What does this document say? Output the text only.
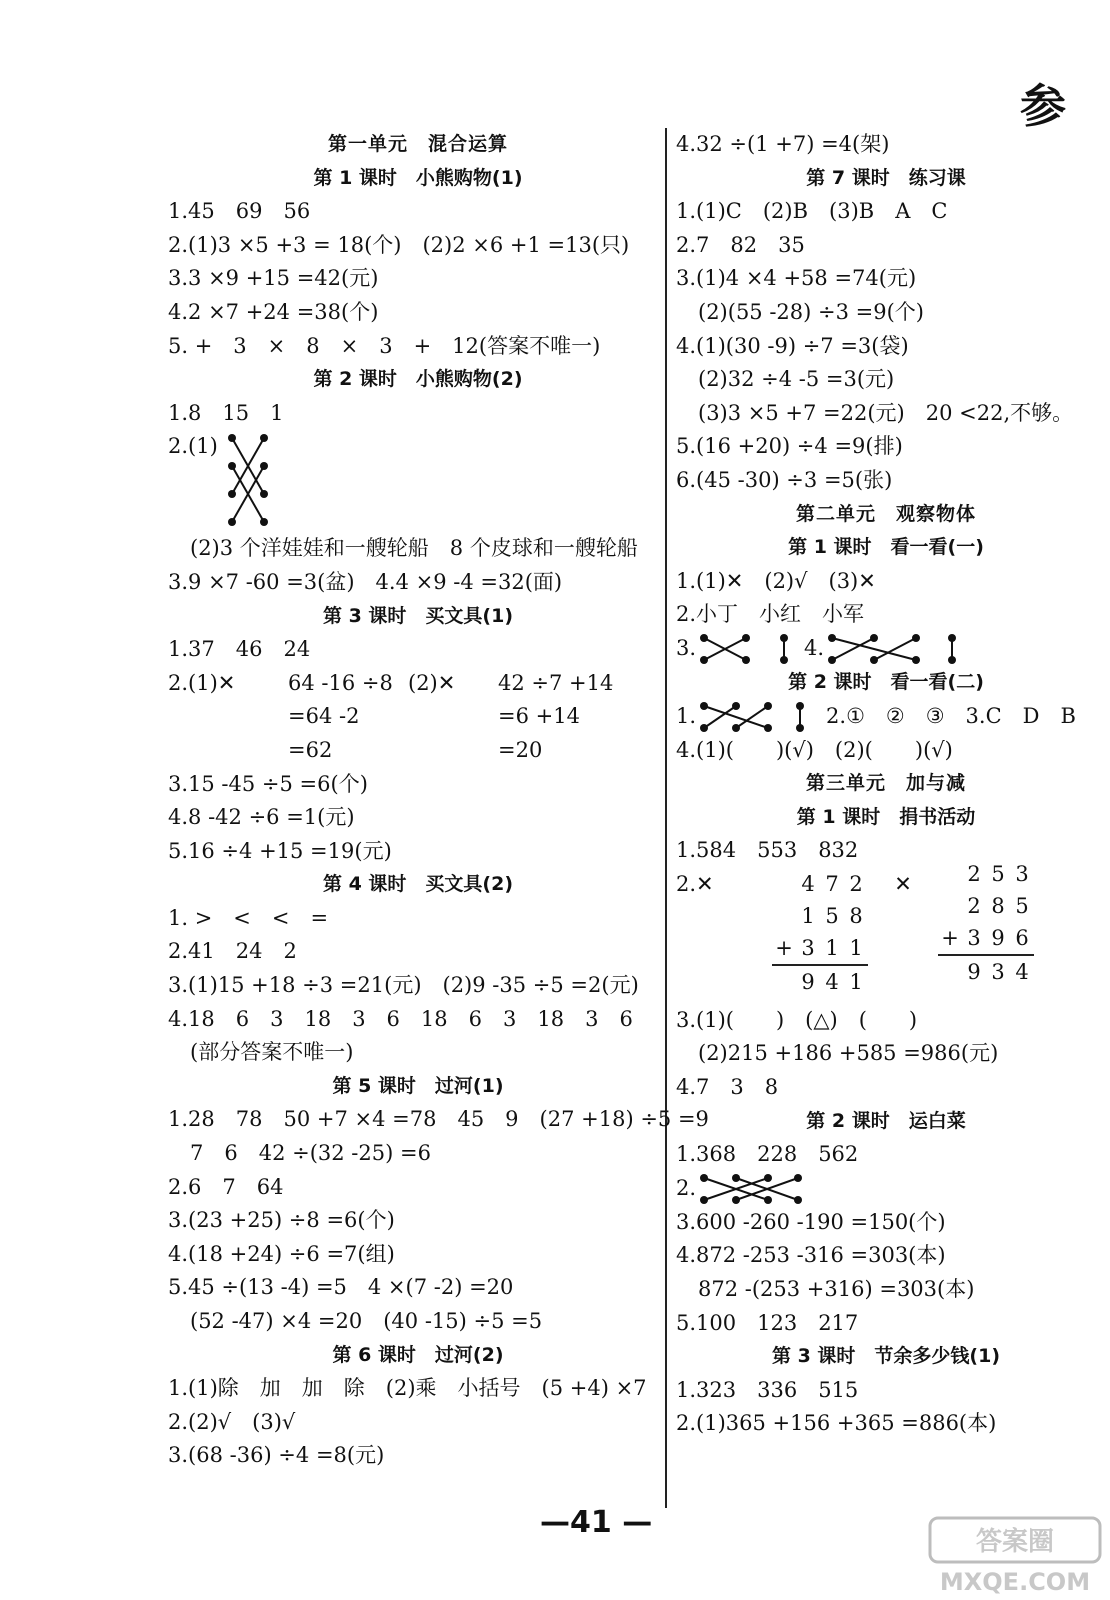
参
第一单元　混合运算
第 1 课时　小熊购物(1)
1.45　69　56
2.(1)3 ×5 +3 = 18(个)　(2)2 ×6 +1 =13(只)
3.3 ×9 +15 =42(元)
4.2 ×7 +24 =38(个)
5. +　3　×　8　×　3　+　12(答案不唯一)
第 2 课时　小熊购物(2)
1.8　15　1
2.(1)
(2)3 个洋娃娃和一艘轮船　8 个皮球和一艘轮船
3.9 ×7 -60 =3(盆)　4.4 ×9 -4 =32(面)
第 3 课时　买文具(1)
1.37　46　24
2.(1)✕	64 -16 ÷8
=64 -2
=62
(2)✕	42 ÷7 +14
=6 +14
=20
3.15 -45 ÷5 =6(个)
4.8 -42 ÷6 =1(元)
5.16 ÷4 +15 =19(元)
第 4 课时　买文具(2)
1. >　<　<　=
2.41　24　2
3.(1)15 +18 ÷3 =21(元)　(2)9 -35 ÷5 =2(元)
4.18　6　3　18　3　6　18　6　3　18　3　6
(部分答案不唯一)
第 5 课时　过河(1)
1.28　78　50 +7 ×4 =78　45　9　(27 +18) ÷5 =9
7　6　42 ÷(32 -25) =6
2.6　7　64
3.(23 +25) ÷8 =6(个)
4.(18 +24) ÷6 =7(组)
5.45 ÷(13 -4) =5　4 ×(7 -2) =20
(52 -47) ×4 =20　(40 -15) ÷5 =5
第 6 课时　过河(2)
1.(1)除　加　加　除　(2)乘　小括号　(5 +4) ×7
2.(2)√　(3)√
3.(68 -36) ÷4 =8(元)
4.32 ÷(1 +7) =4(架)
第 7 课时　练习课
1.(1)C　(2)B　(3)B　A　C
2.7　82　35
3.(1)4 ×4 +58 =74(元)
(2)(55 -28) ÷3 =9(个)
4.(1)(30 -9) ÷7 =3(袋)
(2)32 ÷4 -5 =3(元)
(3)3 ×5 +7 =22(元)　20 <22,不够。
5.(16 +20) ÷4 =9(排)
6.(45 -30) ÷3 =5(张)
第二单元　观察物体
第 1 课时　看一看(一)
1.(1)✕　(2)√　(3)✕
2.小丁　小红　小军
3.	4.
第 2 课时　看一看(二)
1.	2.①　②　③　3.C　D　B
4.(1)(　　)(√)　(2)(　　)(√)
第三单元　加与减
第 1 课时　捐书活动
1.584　553　832
2.✕	4 7 2
1 5 8
+ 3 1 1
9 4 1
✕	2 5 3
2 8 5
+ 3 9 6
9 3 4
3.(1)(　　)　(△)　(　　)
(2)215 +186 +585 =986(元)
4.7　3　8
第 2 课时　运白菜
1.368　228　562
2.
3.600 -260 -190 =150(个)
4.872 -253 -316 =303(本)
872 -(253 +316) =303(本)
5.100　123　217
第 3 课时　节余多少钱(1)
1.323　336　515
2.(1)365 +156 +365 =886(本)
—41 —
答案圈
MXQE.COM
